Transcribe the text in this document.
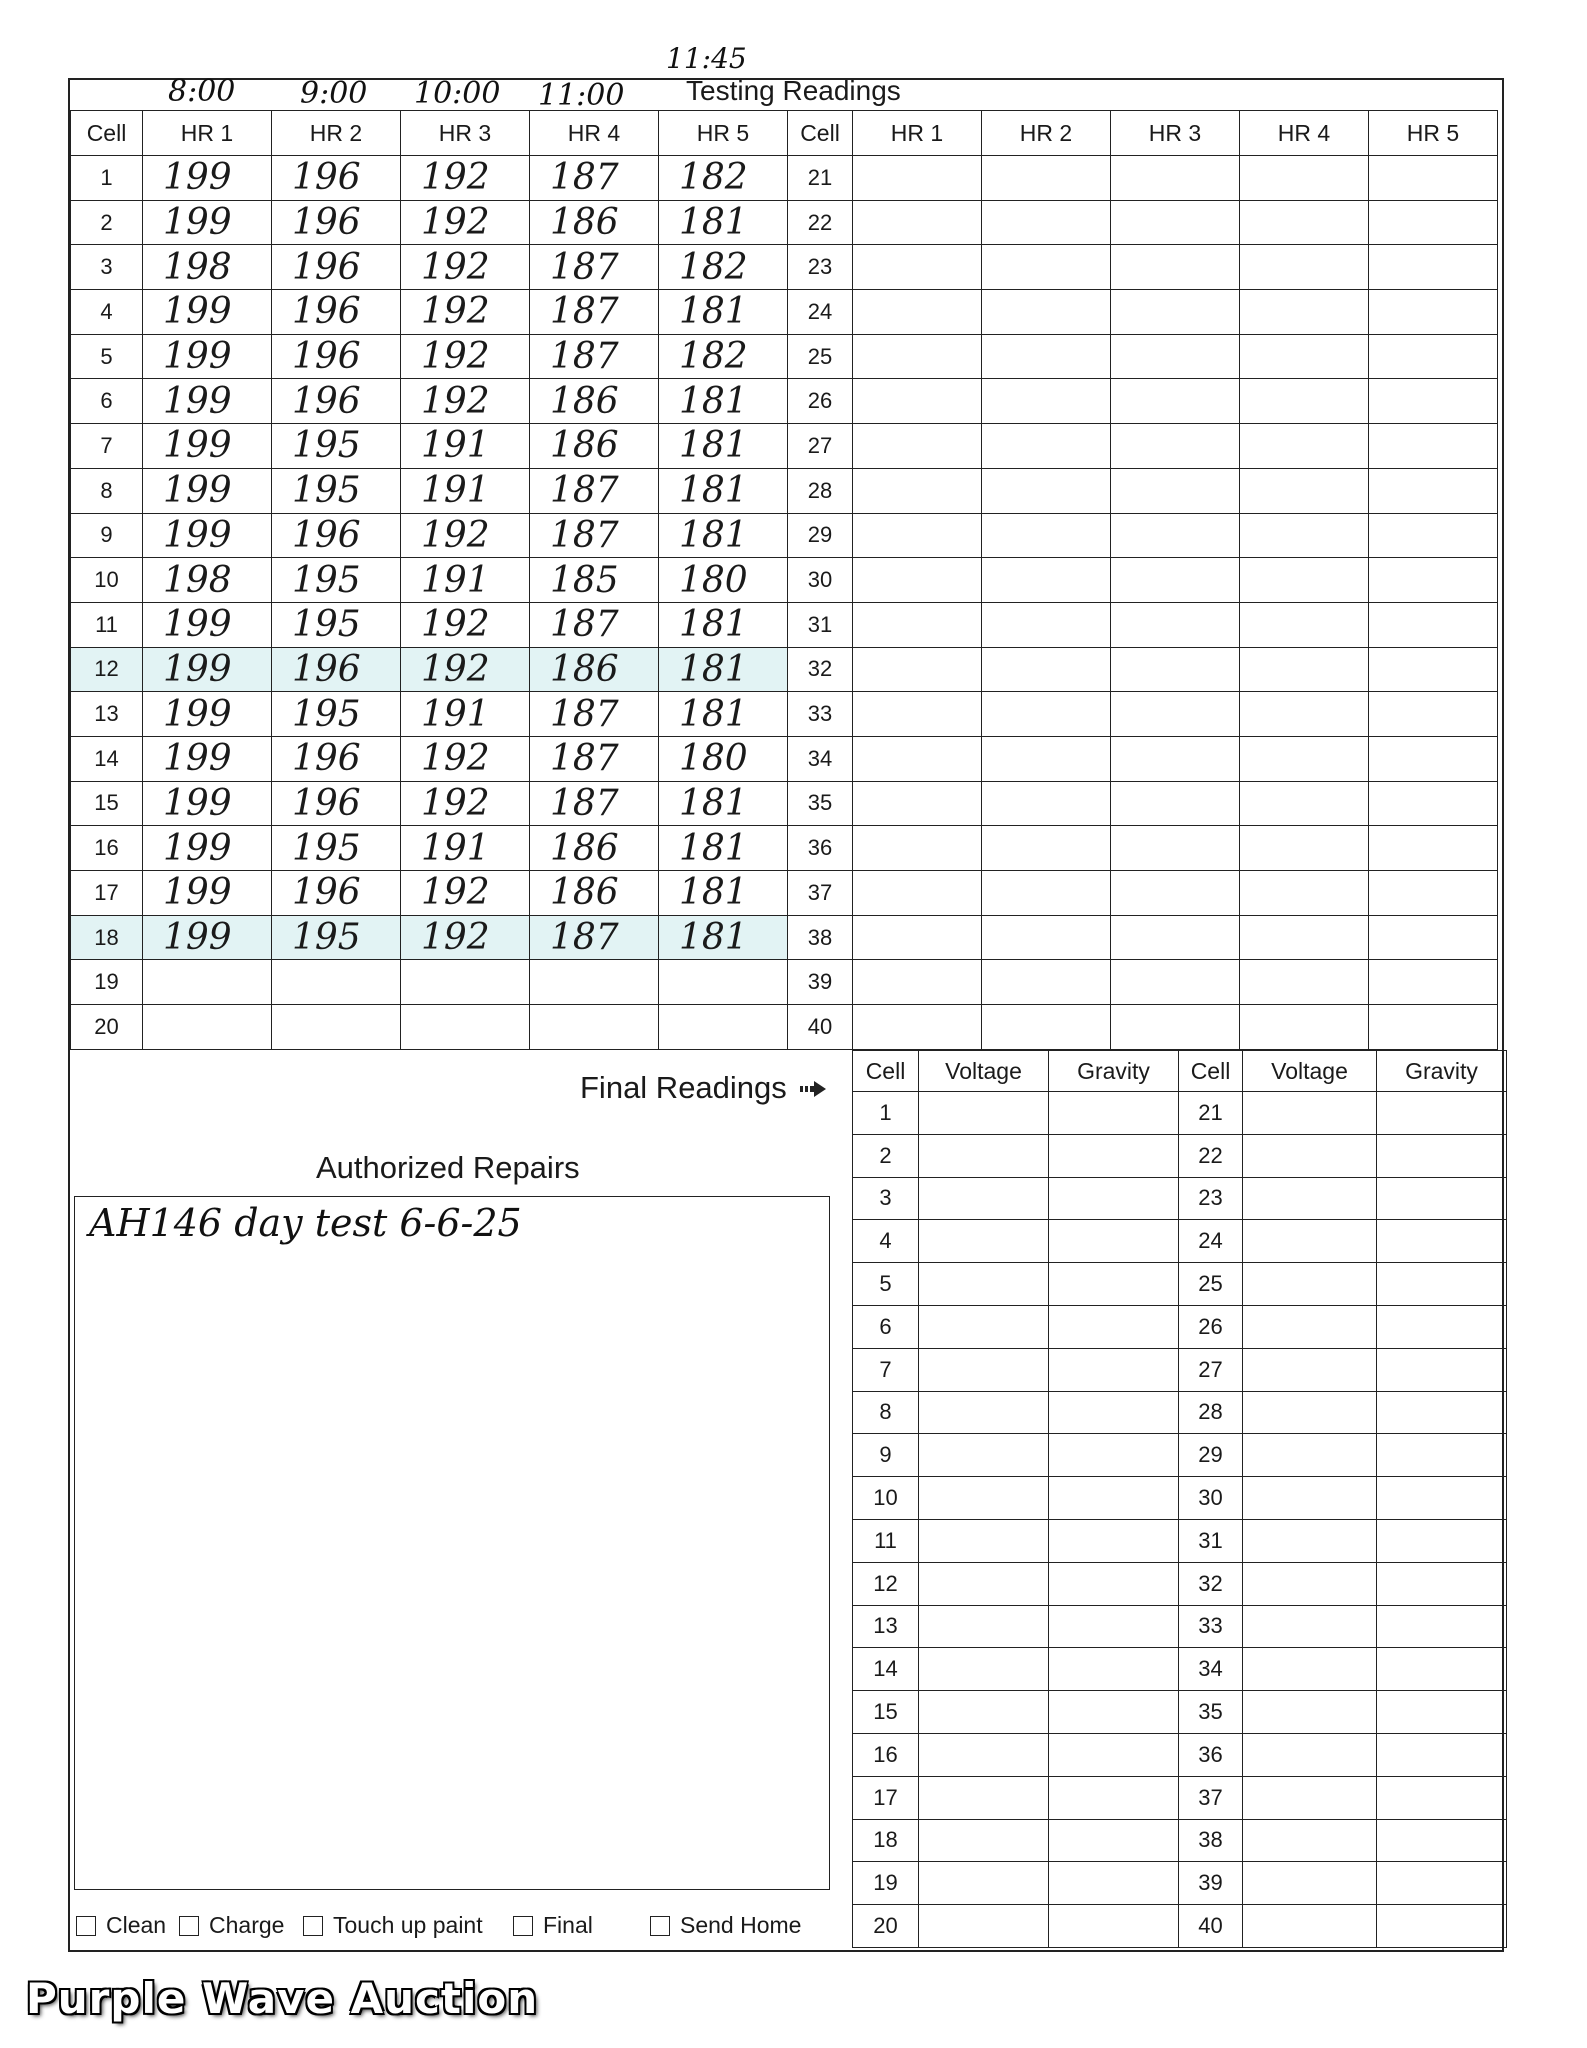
8:00 9:00 10:00 11:00
11:45
Testing Readings
Cell	HR 1	HR 2	HR 3	HR 4	HR 5	Cell	HR 1	HR 2	HR 3	HR 4	HR 5
1	199	196	192	187	182	21					
2	199	196	192	186	181	22					
3	198	196	192	187	182	23					
4	199	196	192	187	181	24					
5	199	196	192	187	182	25					
6	199	196	192	186	181	26					
7	199	195	191	186	181	27					
8	199	195	191	187	181	28					
9	199	196	192	187	181	29					
10	198	195	191	185	180	30					
11	199	195	192	187	181	31					
12	199	196	192	186	181	32					
13	199	195	191	187	181	33					
14	199	196	192	187	180	34					
15	199	196	192	187	181	35					
16	199	195	191	186	181	36					
17	199	196	192	186	181	37					
18	199	195	192	187	181	38					
19						39					
20						40					
Final Readings
Authorized Repairs
AH146 day test 6-6-25
Cell	Voltage	Gravity	Cell	Voltage	Gravity
1			21		
2			22		
3			23		
4			24		
5			25		
6			26		
7			27		
8			28		
9			29		
10			30		
11			31		
12			32		
13			33		
14			34		
15			35		
16			36		
17			37		
18			38		
19			39		
20			40		
Clean Charge Touch up paint	Final	Send Home
Purple Wave Auction
